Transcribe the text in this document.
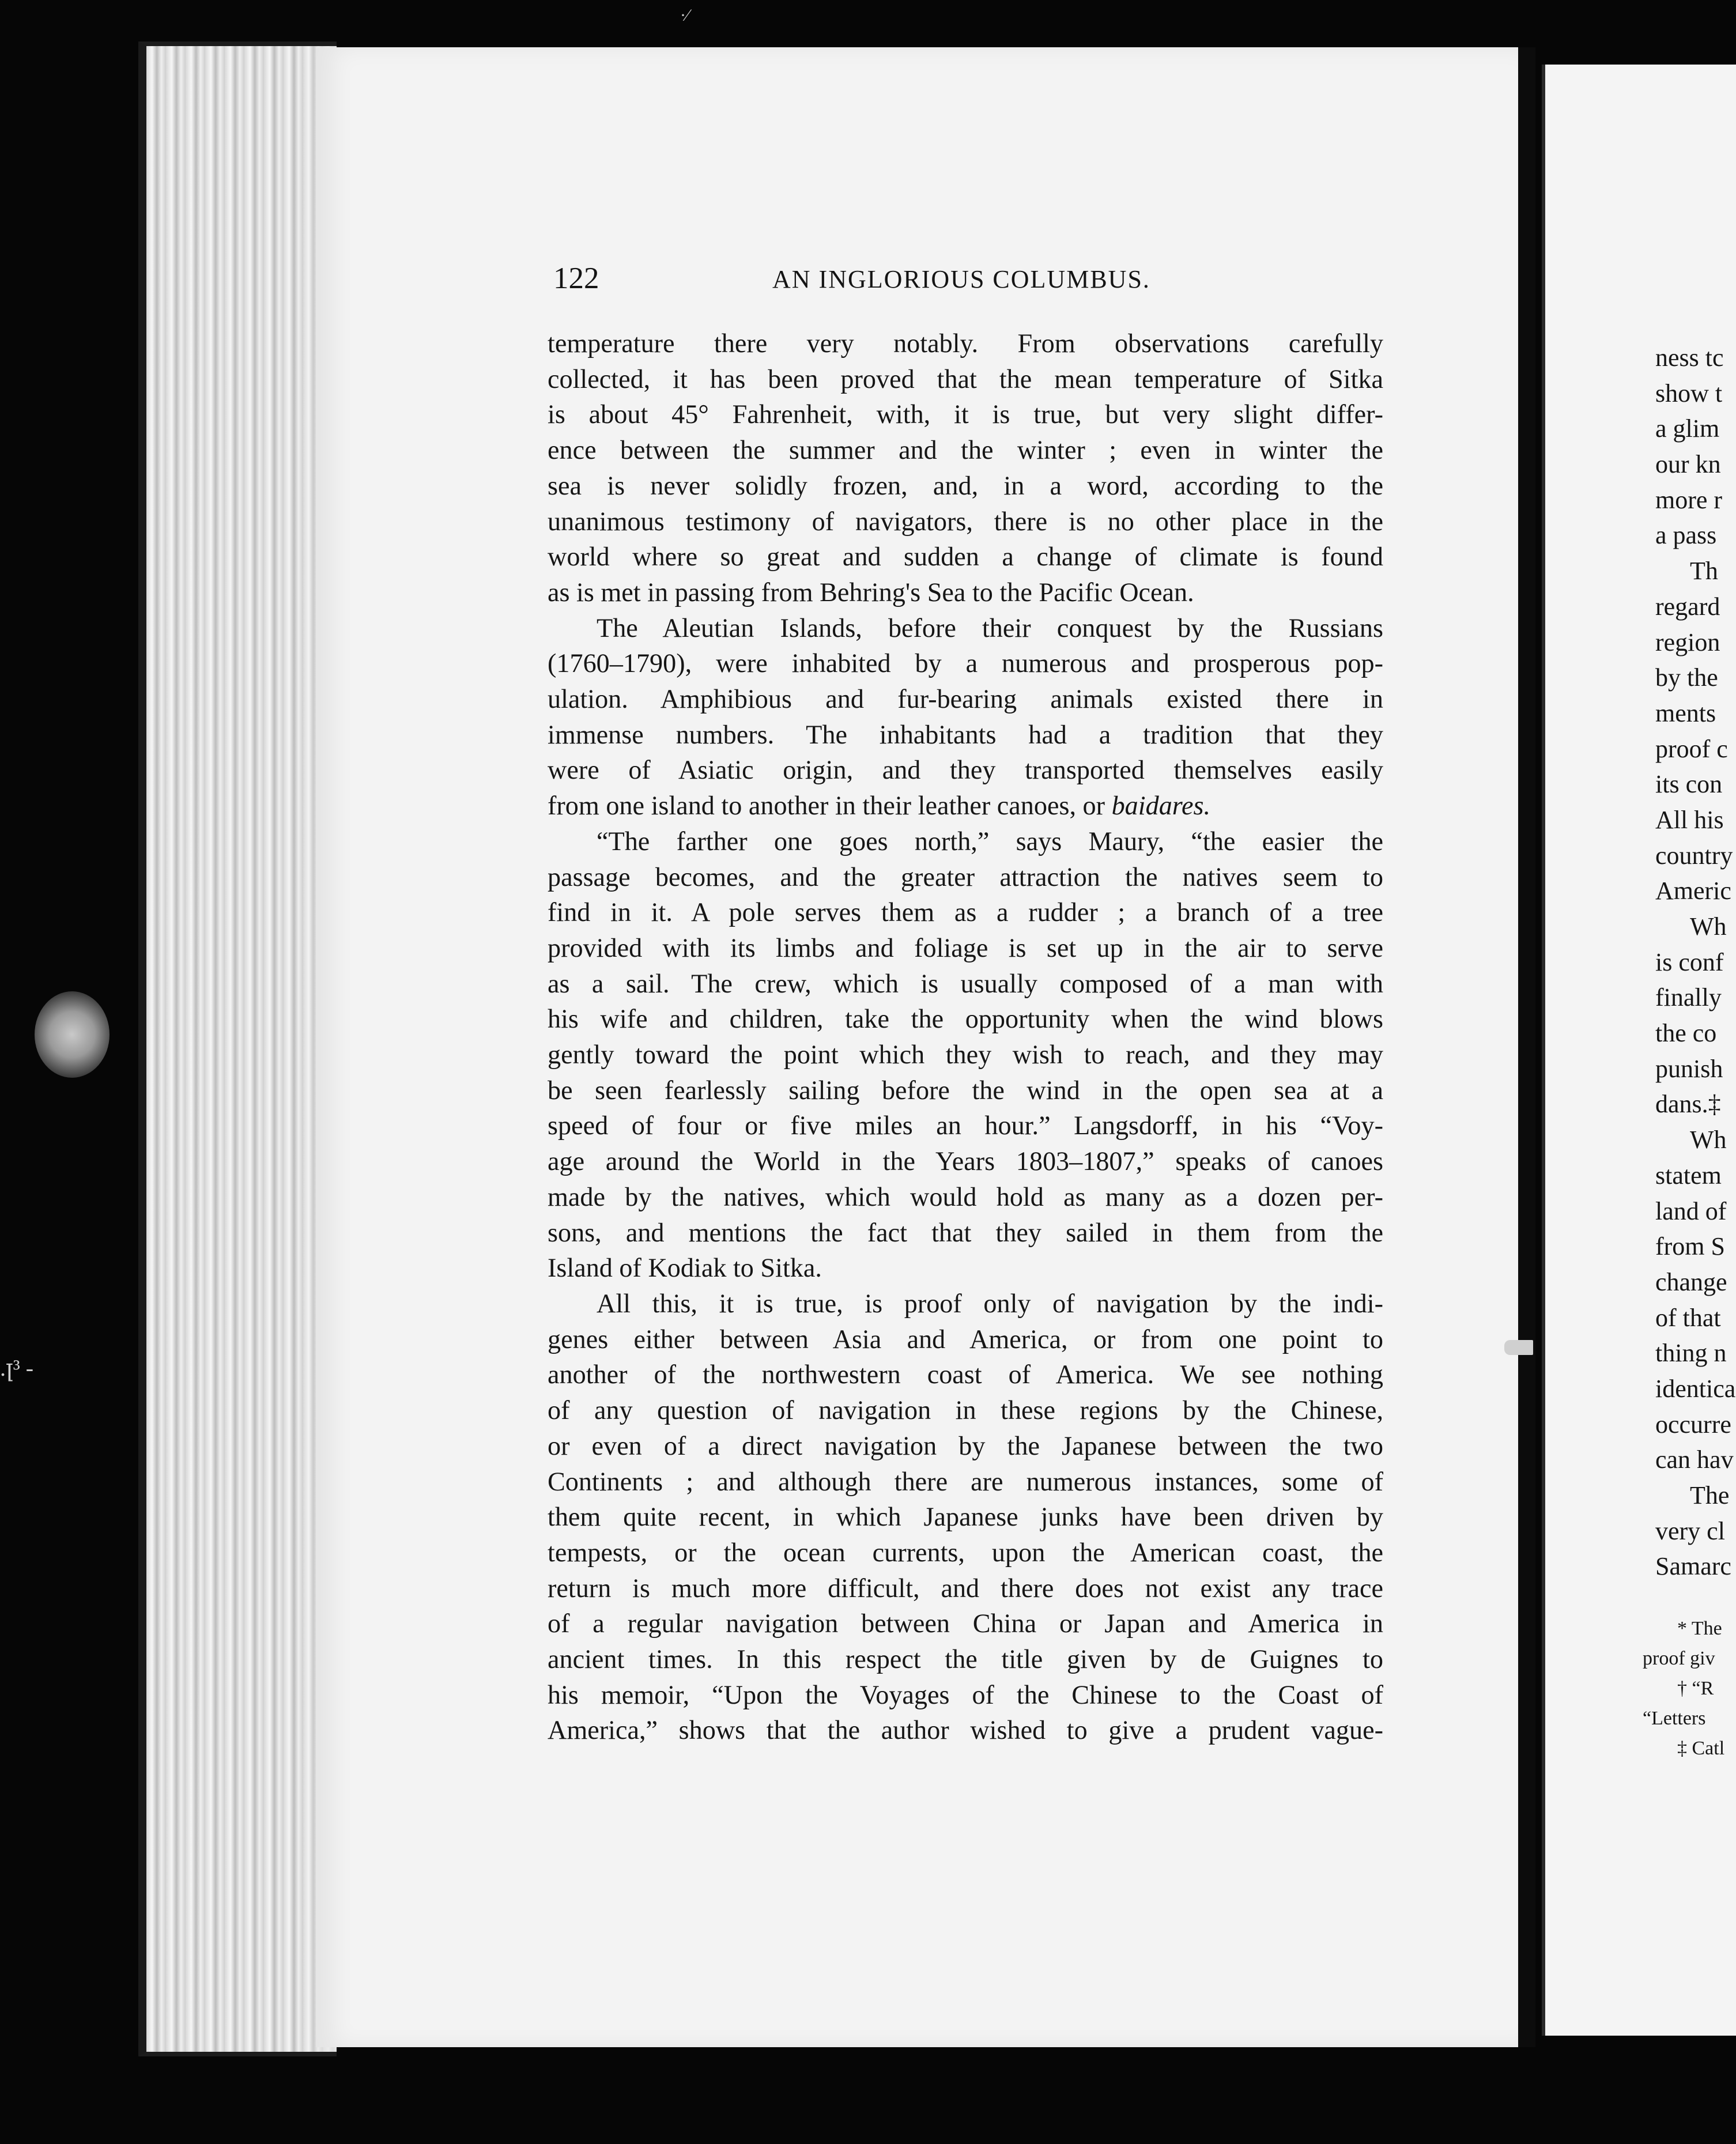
·⁄
.ꞁ³ -
122	AN INGLORIOUS COLUMBUS.

temperature there very notably. From observations carefully

collected, it has been proved that the mean temperature of Sitka

is about 45° Fahrenheit, with, it is true, but very slight differ-

ence between the summer and the winter ; even in winter the

sea is never solidly frozen, and, in a word, according to the

unanimous testimony of navigators, there is no other place in the

world where so great and sudden a change of climate is found

as is met in passing from Behring's Sea to the Pacific Ocean.

The Aleutian Islands, before their conquest by the Russians

(1760–1790), were inhabited by a numerous and prosperous pop-

ulation. Amphibious and fur-bearing animals existed there in

immense numbers. The inhabitants had a tradition that they

were of Asiatic origin, and they transported themselves easily

from one island to another in their leather canoes, or baidares.

“The farther one goes north,” says Maury, “the easier the

passage becomes, and the greater attraction the natives seem to

find in it. A pole serves them as a rudder ; a branch of a tree

provided with its limbs and foliage is set up in the air to serve

as a sail. The crew, which is usually composed of a man with

his wife and children, take the opportunity when the wind blows

gently toward the point which they wish to reach, and they may

be seen fearlessly sailing before the wind in the open sea at a

speed of four or five miles an hour.” Langsdorff, in his “Voy-

age around the World in the Years 1803–1807,” speaks of canoes

made by the natives, which would hold as many as a dozen per-

sons, and mentions the fact that they sailed in them from the

Island of Kodiak to Sitka.

All this, it is true, is proof only of navigation by the indi-

genes either between Asia and America, or from one point to

another of the northwestern coast of America. We see nothing

of any question of navigation in these regions by the Chinese,

or even of a direct navigation by the Japanese between the two

Continents ; and although there are numerous instances, some of

them quite recent, in which Japanese junks have been driven by

tempests, or the ocean currents, upon the American coast, the

return is much more difficult, and there does not exist any trace

of a regular navigation between China or Japan and America in

ancient times. In this respect the title given by de Guignes to

his memoir, “Upon the Voyages of the Chinese to the Coast of

America,” shows that the author wished to give a prudent vague-

ness tc
show t
a glim
our kn
more r
a pass
Th
regard
region
by the
ments
proof c
its con
All his
country
Americ
Wh
is conf
finally
the co
punish
dans.‡
Wh
statem
land of
from S
change
of that
thing n
identica
occurre
can hav
The
very cl
Samarc
* The
proof giv
† “R
“Letters
‡ Catl
